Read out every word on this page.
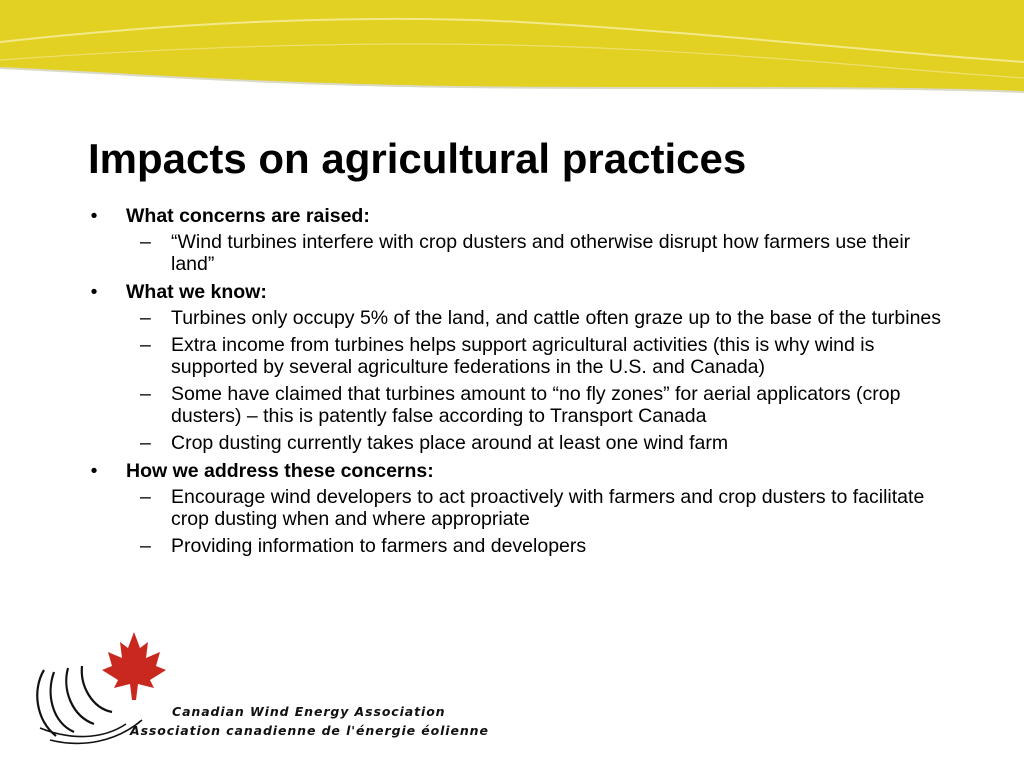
Impacts on agricultural practices
• What concerns are raised:
– “Wind turbines interfere with crop dusters and otherwise disrupt how farmers use their land”
• What we know:
– Turbines only occupy 5% of the land, and cattle often graze up to the base of the turbines
– Extra income from turbines helps support agricultural activities (this is why wind is supported by several agriculture federations in the U.S. and Canada)
– Some have claimed that turbines amount to “no fly zones” for aerial applicators (crop dusters) – this is patently false according to Transport Canada
– Crop dusting currently takes place around at least one wind farm
• How we address these concerns:
– Encourage wind developers to act proactively with farmers and crop dusters to facilitate crop dusting when and where appropriate
– Providing information to farmers and developers
Canadian Wind Energy Association
Association canadienne de l'énergie éolienne
